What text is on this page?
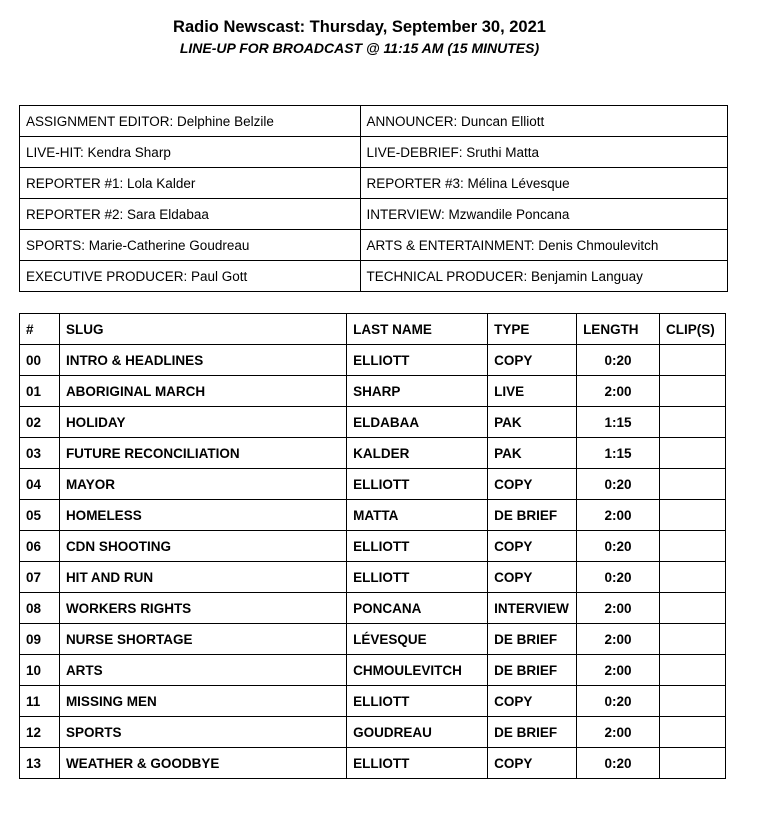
Radio Newscast: Thursday, September 30, 2021
LINE-UP FOR BROADCAST @ 11:15 AM (15 MINUTES)
ASSIGNMENT EDITOR: Delphine Belzile	ANNOUNCER: Duncan Elliott
LIVE-HIT: Kendra Sharp	LIVE-DEBRIEF: Sruthi Matta
REPORTER #1: Lola Kalder	REPORTER #3: Mélina Lévesque
REPORTER #2: Sara Eldabaa	INTERVIEW: Mzwandile Poncana
SPORTS: Marie-Catherine Goudreau	ARTS & ENTERTAINMENT: Denis Chmoulevitch
EXECUTIVE PRODUCER: Paul Gott	TECHNICAL PRODUCER: Benjamin Languay
#	SLUG	LAST NAME	TYPE	LENGTH	CLIP(S)
00	INTRO & HEADLINES	ELLIOTT	COPY	0:20	
01	ABORIGINAL MARCH	SHARP	LIVE	2:00	
02	HOLIDAY	ELDABAA	PAK	1:15	
03	FUTURE RECONCILIATION	KALDER	PAK	1:15	
04	MAYOR	ELLIOTT	COPY	0:20	
05	HOMELESS	MATTA	DE BRIEF	2:00	
06	CDN SHOOTING	ELLIOTT	COPY	0:20	
07	HIT AND RUN	ELLIOTT	COPY	0:20	
08	WORKERS RIGHTS	PONCANA	INTERVIEW	2:00	
09	NURSE SHORTAGE	LÉVESQUE	DE BRIEF	2:00	
10	ARTS	CHMOULEVITCH	DE BRIEF	2:00	
11	MISSING MEN	ELLIOTT	COPY	0:20	
12	SPORTS	GOUDREAU	DE BRIEF	2:00	
13	WEATHER & GOODBYE	ELLIOTT	COPY	0:20	
